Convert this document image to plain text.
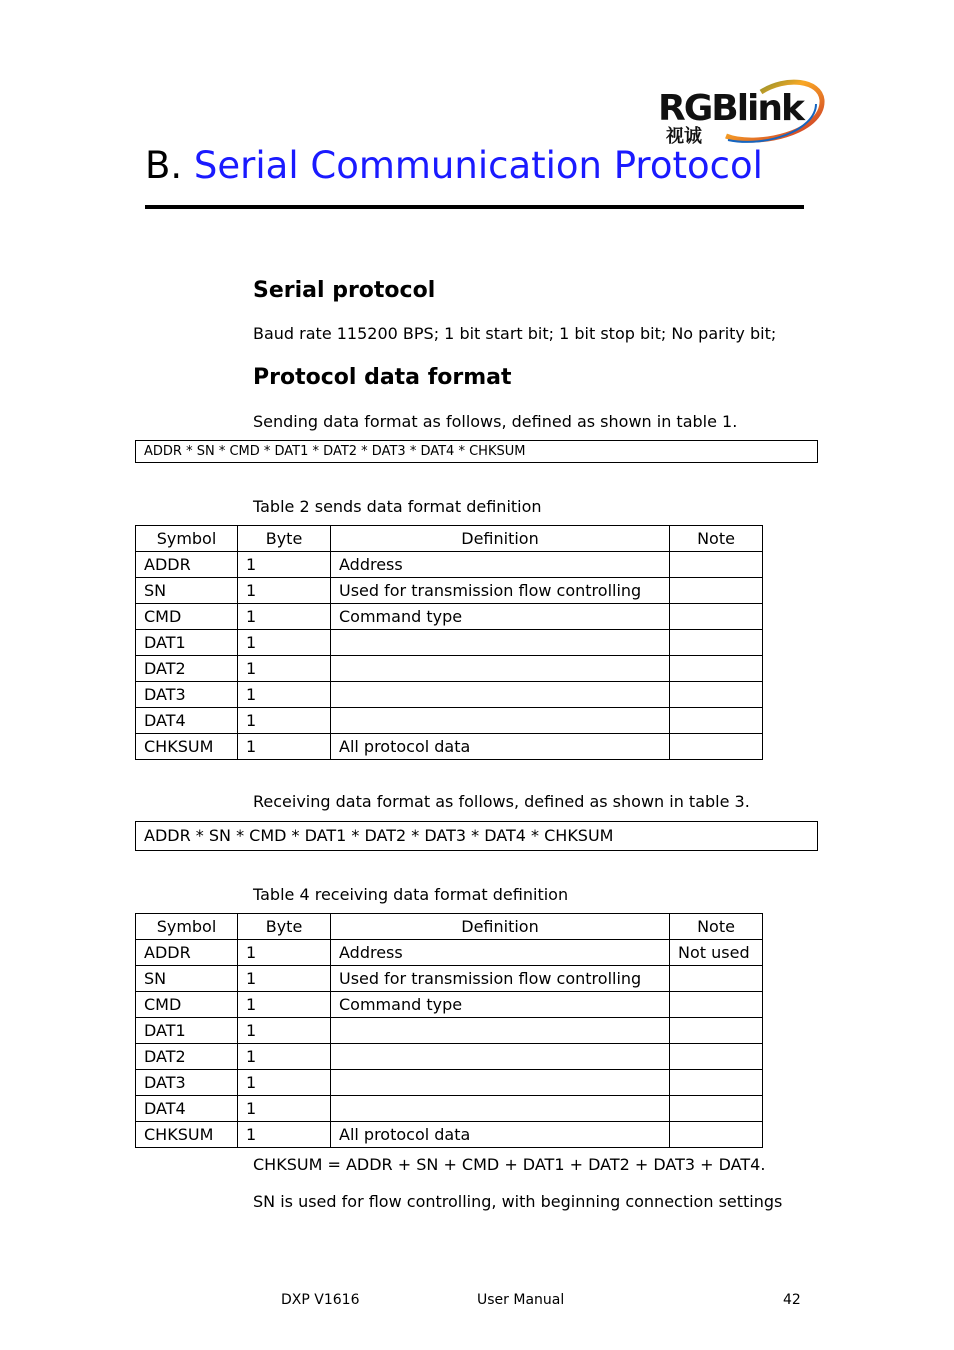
RGBlink
视诚
B. Serial Communication Protocol
Serial protocol
Baud rate 115200 BPS; 1 bit start bit; 1 bit stop bit; No parity bit;
Protocol data format
Sending data format as follows, defined as shown in table 1.
ADDR * SN * CMD * DAT1 * DAT2 * DAT3 * DAT4 * CHKSUM
Table 2 sends data format definition
Symbol	Byte	Definition	Note
ADDR	1	Address	
SN	1	Used for transmission flow controlling	
CMD	1	Command type	
DAT1	1		
DAT2	1		
DAT3	1		
DAT4	1		
CHKSUM	1	All protocol data	
Receiving data format as follows, defined as shown in table 3.
ADDR * SN * CMD * DAT1 * DAT2 * DAT3 * DAT4 * CHKSUM
Table 4 receiving data format definition
Symbol	Byte	Definition	Note
ADDR	1	Address	Not used
SN	1	Used for transmission flow controlling	
CMD	1	Command type	
DAT1	1		
DAT2	1		
DAT3	1		
DAT4	1		
CHKSUM	1	All protocol data	
CHKSUM = ADDR + SN + CMD + DAT1 + DAT2 + DAT3 + DAT4.
SN is used for flow controlling, with beginning connection settings
DXP V1616	User Manual	42
